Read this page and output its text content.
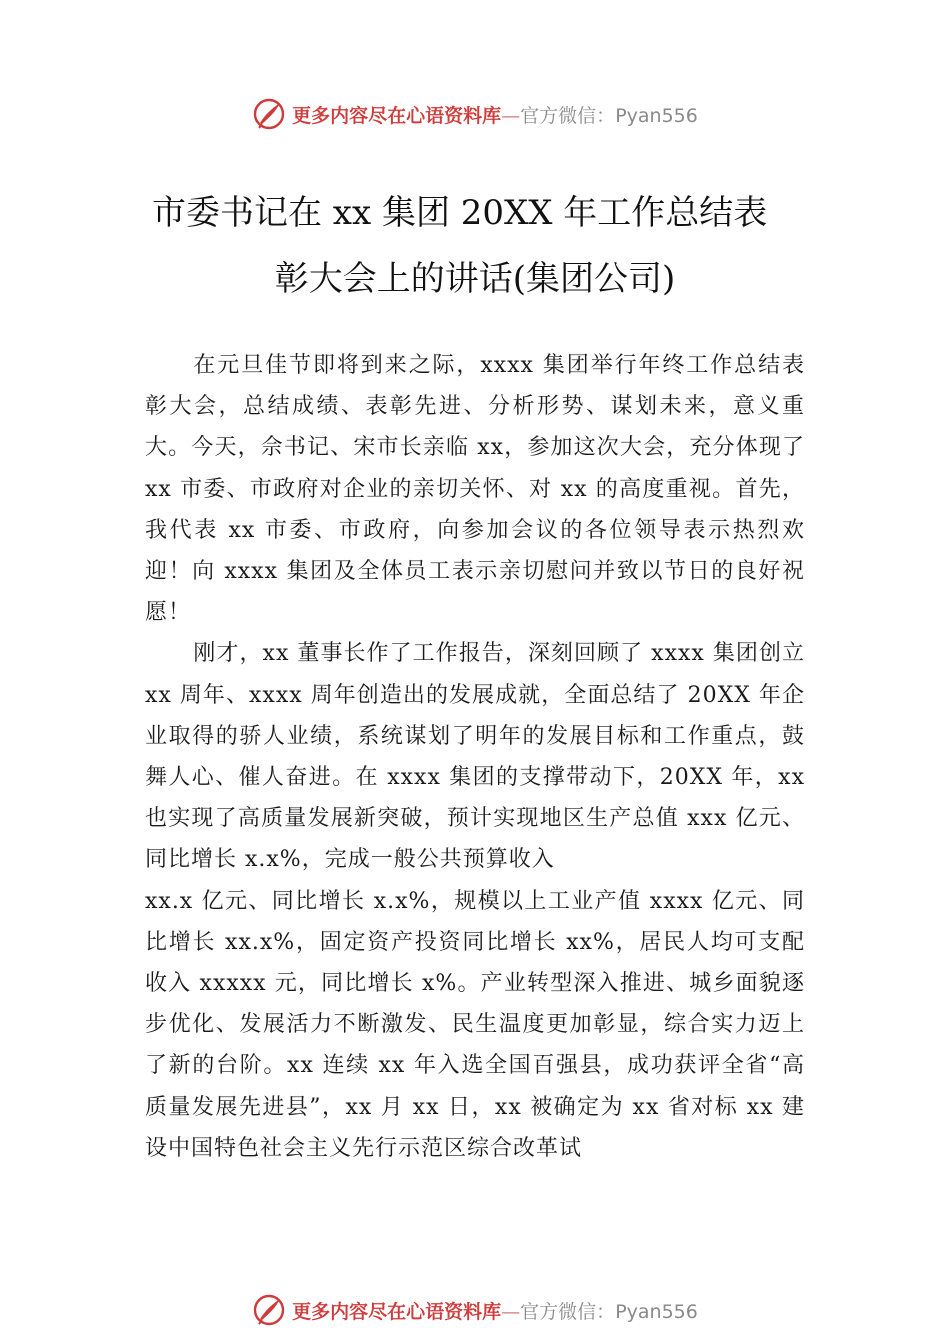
更多内容尽在心语资料库—官方微信：Pyan556
市委书记在 xx 集团 20XX 年工作总结表
彰大会上的讲话(集团公司)

在元旦佳节即将到来之际，xxxx 集团举行年终工作总结表彰大会，总结成绩、表彰先进、分析形势、谋划未来，意义重大。今天，佘书记、宋市长亲临 xx，参加这次大会，充分体现了 xx 市委、市政府对企业的亲切关怀、对 xx 的高度重视。首先，我代表 xx 市委、市政府，向参加会议的各位领导表示热烈欢迎！向 xxxx 集团及全体员工表示亲切慰问并致以节日的良好祝愿！

刚才，xx 董事长作了工作报告，深刻回顾了 xxxx 集团创立 xx 周年、xxxx 周年创造出的发展成就，全面总结了 20XX 年企业取得的骄人业绩，系统谋划了明年的发展目标和工作重点，鼓舞人心、催人奋进。在 xxxx 集团的支撑带动下，20XX 年，xx 也实现了高质量发展新突破，预计实现地区生产总值 xxx 亿元、同比增长 x.x%，完成一般公共预算收入

xx.x 亿元、同比增长 x.x%，规模以上工业产值 xxxx 亿元、同比增长 xx.x%，固定资产投资同比增长 xx%，居民人均可支配收入 xxxxx 元，同比增长 x%。产业转型深入推进、城乡面貌逐步优化、发展活力不断激发、民生温度更加彰显，综合实力迈上了新的台阶。xx 连续 xx 年入选全国百强县，成功获评全省“高质量发展先进县”，xx 月 xx 日，xx 被确定为 xx 省对标 xx 建设中国特色社会主义先行示范区综合改革试

更多内容尽在心语资料库—官方微信：Pyan556
